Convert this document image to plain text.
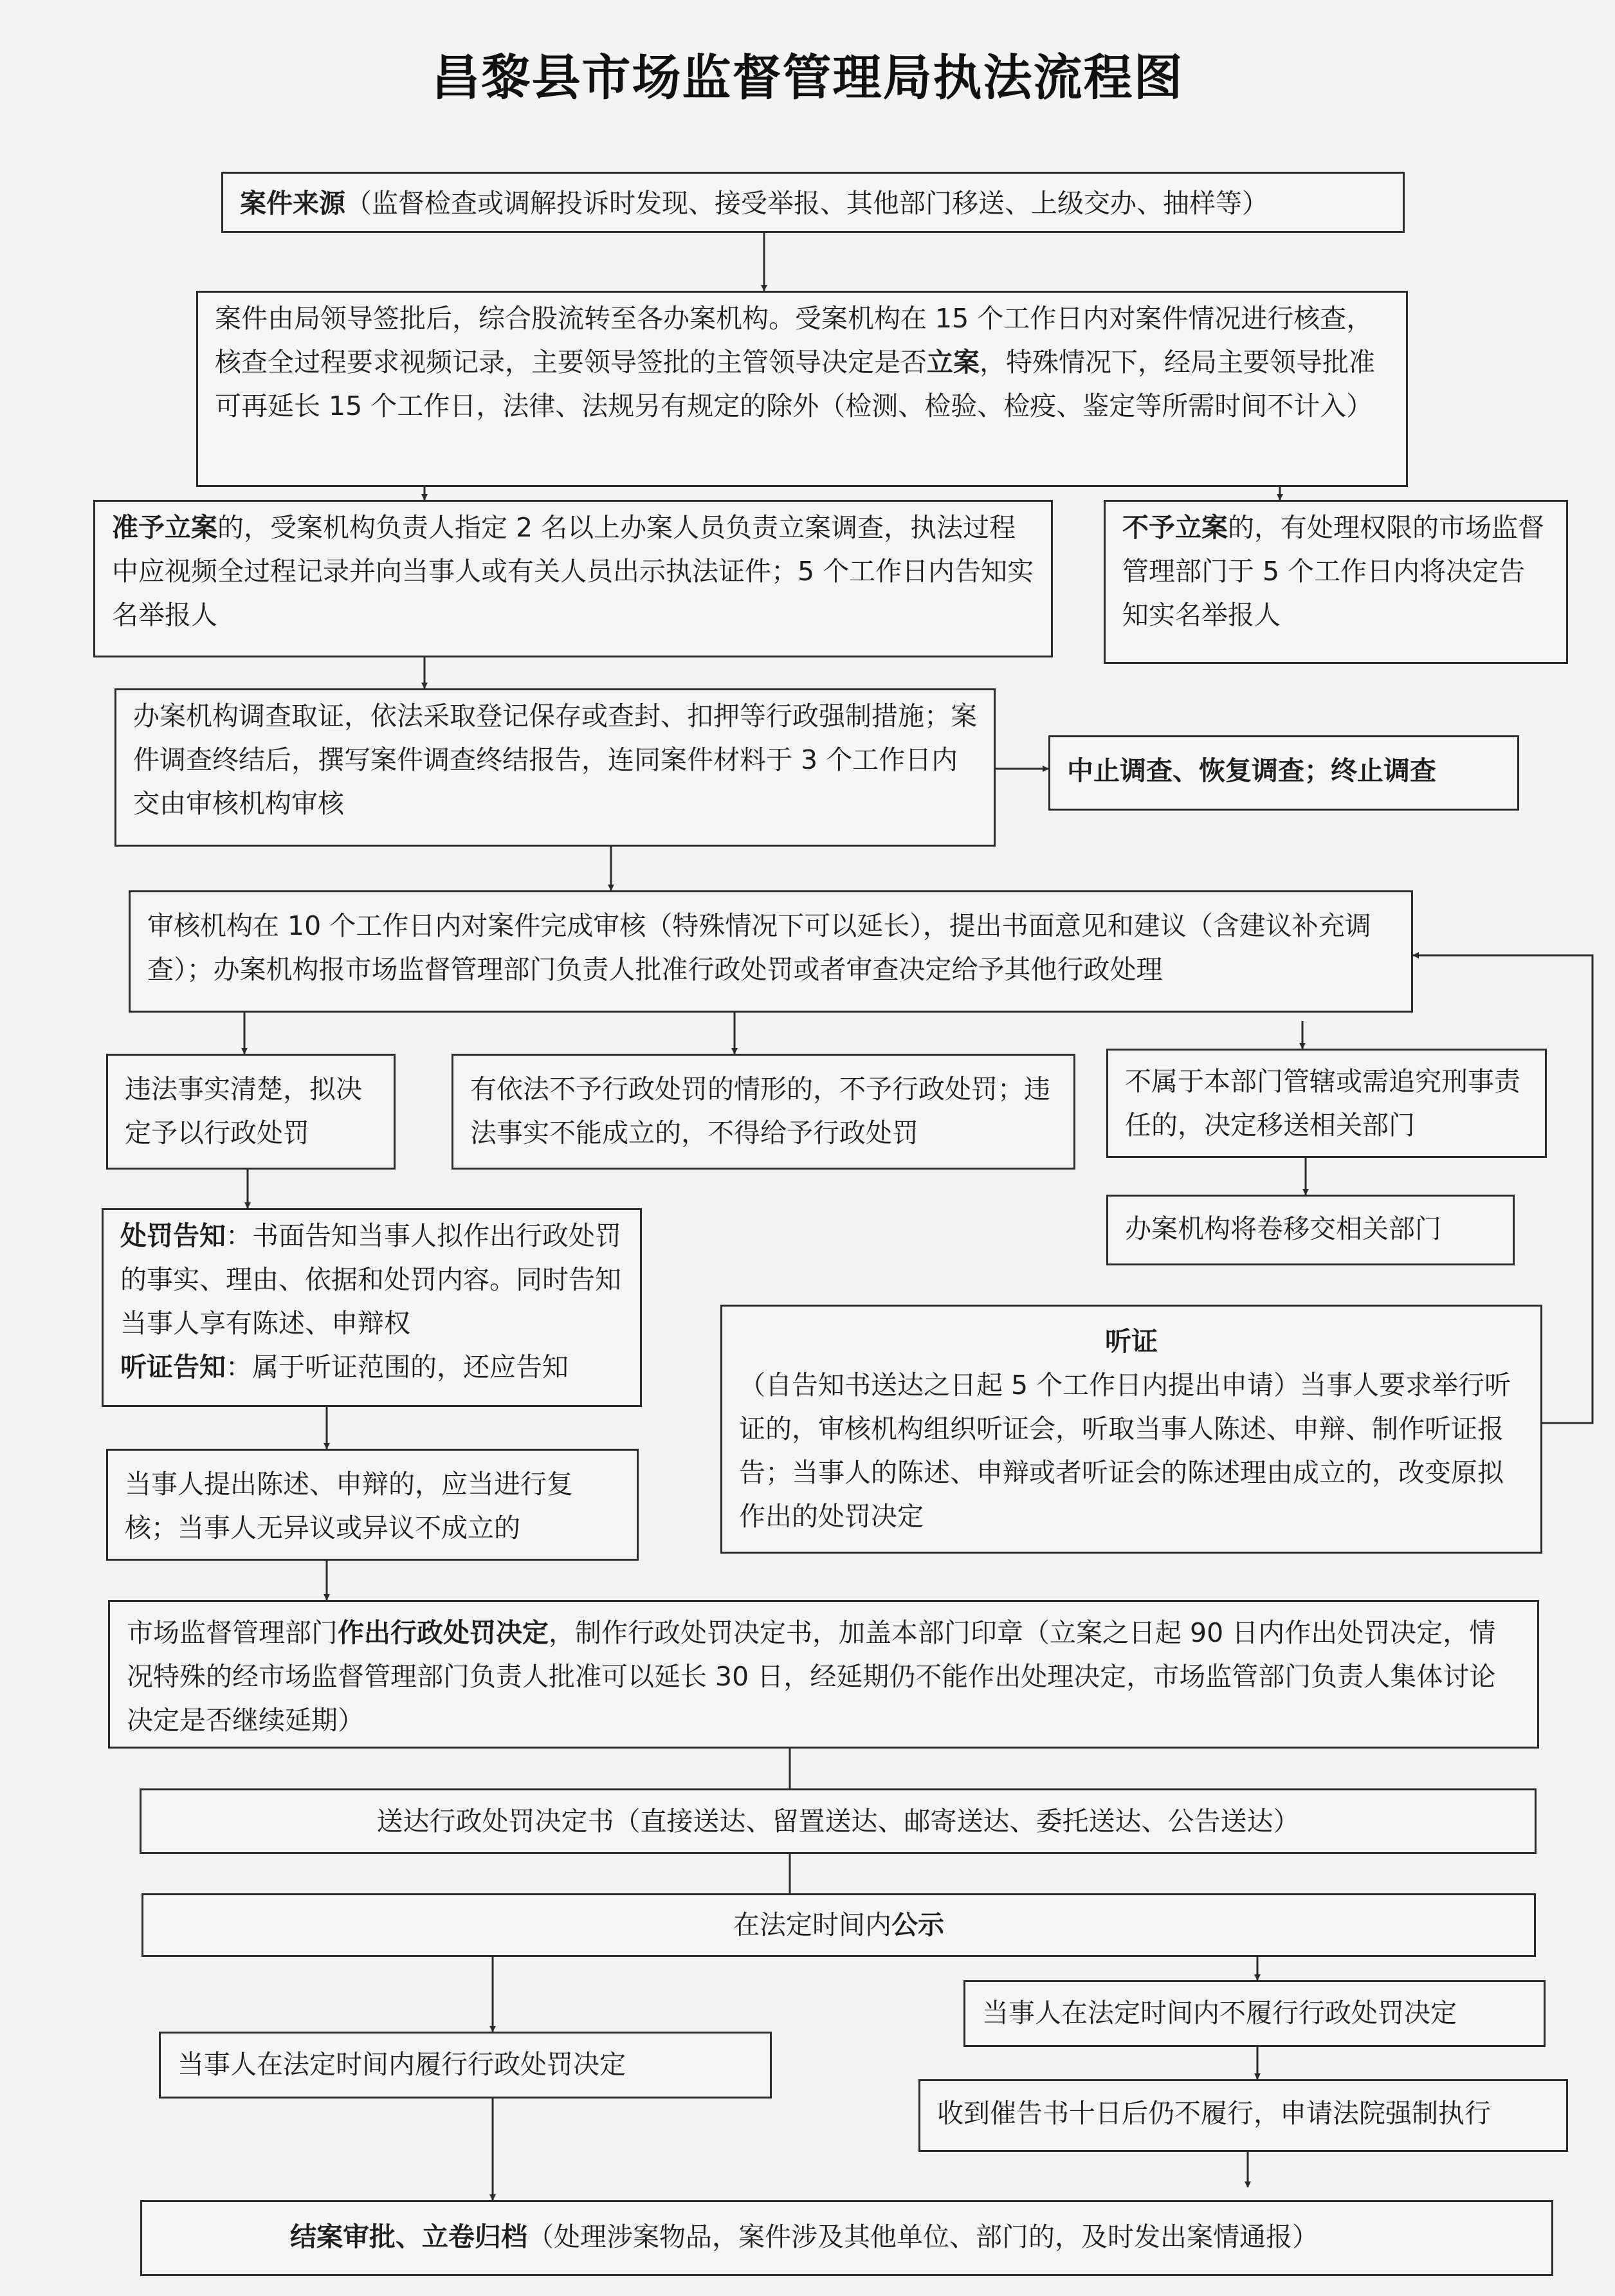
昌黎县市场监督管理局执法流程图
案件来源（监督检查或调解投诉时发现、接受举报、其他部门移送、上级交办、抽样等）
案件由局领导签批后，综合股流转至各办案机构。受案机构在 15 个工作日内对案件情况进行核查，核查全过程要求视频记录，主要领导签批的主管领导决定是否立案，特殊情况下，经局主要领导批准可再延长 15 个工作日，法律、法规另有规定的除外（检测、检验、检疫、鉴定等所需时间不计入）
准予立案的，受案机构负责人指定 2 名以上办案人员负责立案调查，执法过程中应视频全过程记录并向当事人或有关人员出示执法证件；5 个工作日内告知实名举报人
不予立案的，有处理权限的市场监督管理部门于 5 个工作日内将决定告知实名举报人
办案机构调查取证，依法采取登记保存或查封、扣押等行政强制措施；案件调查终结后，撰写案件调查终结报告，连同案件材料于 3 个工作日内交由审核机构审核
中止调查、恢复调查；终止调查
审核机构在 10 个工作日内对案件完成审核（特殊情况下可以延长），提出书面意见和建议（含建议补充调查）；办案机构报市场监督管理部门负责人批准行政处罚或者审查决定给予其他行政处理
违法事实清楚，拟决定予以行政处罚
有依法不予行政处罚的情形的，不予行政处罚；违法事实不能成立的，不得给予行政处罚
不属于本部门管辖或需追究刑事责任的，决定移送相关部门
办案机构将卷移交相关部门
处罚告知：书面告知当事人拟作出行政处罚的事实、理由、依据和处罚内容。同时告知当事人享有陈述、申辩权
听证告知：属于听证范围的，还应告知
听证
（自告知书送达之日起 5 个工作日内提出申请）当事人要求举行听证的，审核机构组织听证会，听取当事人陈述、申辩、制作听证报告；当事人的陈述、申辩或者听证会的陈述理由成立的，改变原拟作出的处罚决定
当事人提出陈述、申辩的，应当进行复核；当事人无异议或异议不成立的
市场监督管理部门作出行政处罚决定，制作行政处罚决定书，加盖本部门印章（立案之日起 90 日内作出处罚决定，情况特殊的经市场监督管理部门负责人批准可以延长 30 日，经延期仍不能作出处理决定，市场监管部门负责人集体讨论决定是否继续延期）
送达行政处罚决定书（直接送达、留置送达、邮寄送达、委托送达、公告送达）
在法定时间内公示
当事人在法定时间内不履行行政处罚决定
当事人在法定时间内履行行政处罚决定
收到催告书十日后仍不履行，申请法院强制执行
结案审批、立卷归档（处理涉案物品，案件涉及其他单位、部门的，及时发出案情通报）
